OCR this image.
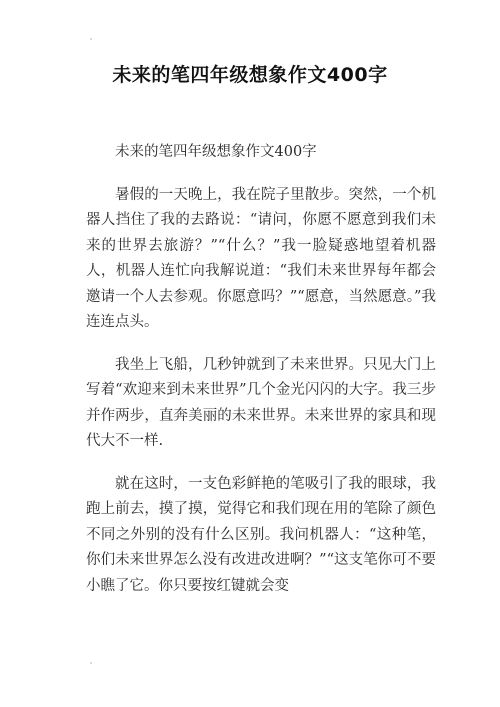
未来的笔四年级想象作文400字
未来的笔四年级想象作文400字

暑假的一天晚上，我在院子里散步。突然，一个机器人挡住了我的去路说：“请问，你愿不愿意到我们未来的世界去旅游？”“什么？”我一脸疑惑地望着机器人，机器人连忙向我解说道：“我们未来世界每年都会邀请一个人去参观。你愿意吗？”“愿意，当然愿意。”我连连点头。

我坐上飞船，几秒钟就到了未来世界。只见大门上写着“欢迎来到未来世界”几个金光闪闪的大字。我三步并作两步，直奔美丽的未来世界。未来世界的家具和现代大不一样.

就在这时，一支色彩鲜艳的笔吸引了我的眼球，我跑上前去，摸了摸，觉得它和我们现在用的笔除了颜色不同之外别的没有什么区别。我问机器人：“这种笔，你们未来世界怎么没有改进改进啊？”“这支笔你可不要小瞧了它。你只要按红键就会变
